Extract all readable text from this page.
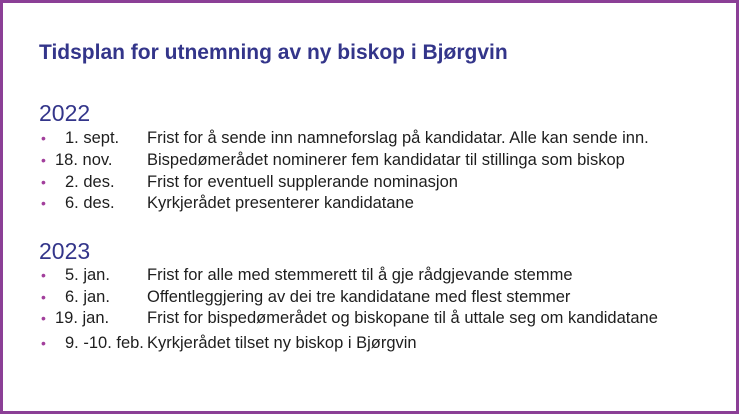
Tidsplan for utnemning av ny biskop i Bjørgvin
2022
• 1. sept.	Frist for å sende inn namneforslag på kandidatar. Alle kan sende inn.
• 18. nov.	Bispedømerådet nominerer fem kandidatar til stillinga som biskop
• 2. des.	Frist for eventuell supplerande nominasjon
• 6. des.	Kyrkjerådet presenterer kandidatane
2023
• 5. jan.	Frist for alle med stemmerett til å gje rådgjevande stemme
• 6. jan.	Offentleggjering av dei tre kandidatane med flest stemmer
• 19. jan.	Frist for bispedømerådet og biskopane til å uttale seg om kandidatane
• 9. -10. feb. Kyrkjerådet tilset ny biskop i Bjørgvin
